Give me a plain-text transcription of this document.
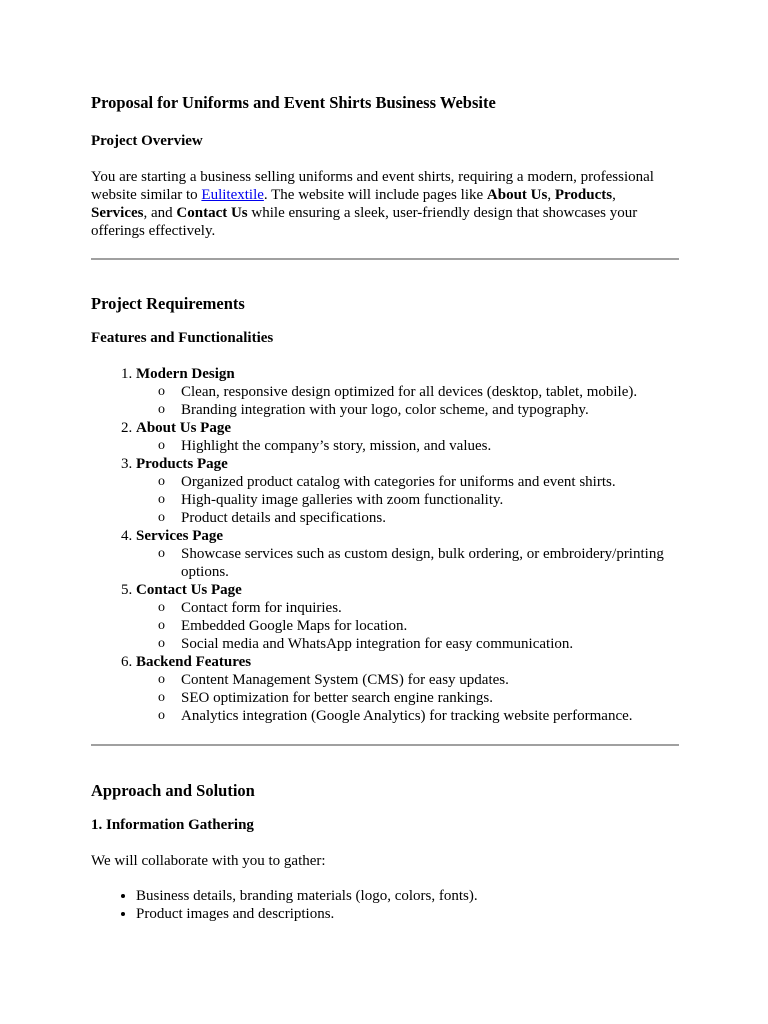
Proposal for Uniforms and Event Shirts Business Website
Project Overview

You are starting a business selling uniforms and event shirts, requiring a modern, professional website similar to Eulitextile. The website will include pages like About Us, Products,
Services, and Contact Us while ensuring a sleek, user-friendly design that showcases your offerings effectively.

Project Requirements
Features and Functionalities
1. Modern Design
o Clean, responsive design optimized for all devices (desktop, tablet, mobile).
o Branding integration with your logo, color scheme, and typography.
2. About Us Page
o Highlight the company’s story, mission, and values.
3. Products Page
o Organized product catalog with categories for uniforms and event shirts.
o High-quality image galleries with zoom functionality.
o Product details and specifications.
4. Services Page
o Showcase services such as custom design, bulk ordering, or embroidery/printing options.
5. Contact Us Page
o Contact form for inquiries.
o Embedded Google Maps for location.
o Social media and WhatsApp integration for easy communication.
6. Backend Features
o Content Management System (CMS) for easy updates.
o SEO optimization for better search engine rankings.
o Analytics integration (Google Analytics) for tracking website performance.
Approach and Solution
1. Information Gathering

We will collaborate with you to gather:

• Business details, branding materials (logo, colors, fonts).
• Product images and descriptions.
